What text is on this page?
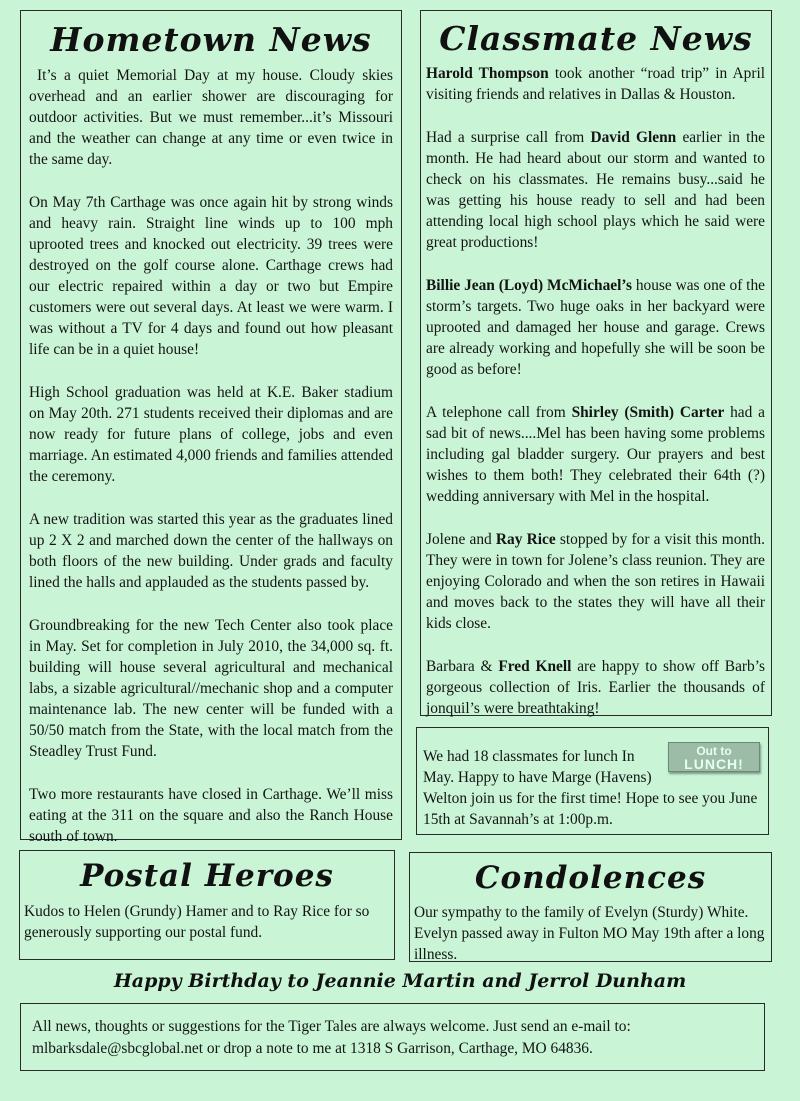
Hometown News

It’s a quiet Memorial Day at my house. Cloudy skies overhead and an earlier shower are discouraging for outdoor activities. But we must remember...it’s Missouri and the weather can change at any time or even twice in the same day.

On May 7th Carthage was once again hit by strong winds and heavy rain. Straight line winds up to 100 mph uprooted trees and knocked out electricity. 39 trees were destroyed on the golf course alone. Carthage crews had our electric repaired within a day or two but Empire customers were out several days. At least we were warm. I was without a TV for 4 days and found out how pleasant life can be in a quiet house!

High School graduation was held at K.E. Baker stadium on May 20th. 271 students received their diplomas and are now ready for future plans of college, jobs and even marriage. An estimated 4,000 friends and families attended the ceremony.

A new tradition was started this year as the graduates lined up 2 X 2 and marched down the center of the hallways on both floors of the new building. Under grads and faculty lined the halls and applauded as the students passed by.

Groundbreaking for the new Tech Center also took place in May. Set for completion in July 2010, the 34,000 sq. ft. building will house several agricultural and mechanical labs, a sizable agricultural//mechanic shop and a computer maintenance lab. The new center will be funded with a 50/50 match from the State, with the local match from the Steadley Trust Fund.

Two more restaurants have closed in Carthage. We’ll miss eating at the 311 on the square and also the Ranch House south of town.

Classmate News

Harold Thompson took another “road trip” in April visiting friends and relatives in Dallas & Houston.

Had a surprise call from David Glenn earlier in the month. He had heard about our storm and wanted to check on his classmates. He remains busy...said he was getting his house ready to sell and had been attending local high school plays which he said were great productions!

Billie Jean (Loyd) McMichael’s house was one of the storm’s targets. Two huge oaks in her backyard were uprooted and damaged her house and garage. Crews are already working and hopefully she will be soon be good as before!

A telephone call from Shirley (Smith) Carter had a sad bit of news....Mel has been having some problems including gal bladder surgery. Our prayers and best wishes to them both! They celebrated their 64th (?) wedding anniversary with Mel in the hospital.

Jolene and Ray Rice stopped by for a visit this month. They were in town for Jolene’s class reunion. They are enjoying Colorado and when the son retires in Hawaii and moves back to the states they will have all their kids close.

Barbara & Fred Knell are happy to show off Barb’s gorgeous collection of Iris. Earlier the thousands of jonquil’s were breathtaking!

Out to
LUNCH!
We had 18 classmates for lunch In May. Happy to have Marge (Havens) Welton join us for the first time! Hope to see you June 15th at Savannah’s at 1:00p.m.
Postal Heroes
Kudos to Helen (Grundy) Hamer and to Ray Rice for so generously supporting our postal fund.
Condolences
Our sympathy to the family of Evelyn (Sturdy) White. Evelyn passed away in Fulton MO May 19th after a long illness.
Happy Birthday to Jeannie Martin and Jerrol Dunham
All news, thoughts or suggestions for the Tiger Tales are always welcome. Just send an e-mail to:
mlbarksdale@sbcglobal.net or drop a note to me at 1318 S Garrison, Carthage, MO 64836.
